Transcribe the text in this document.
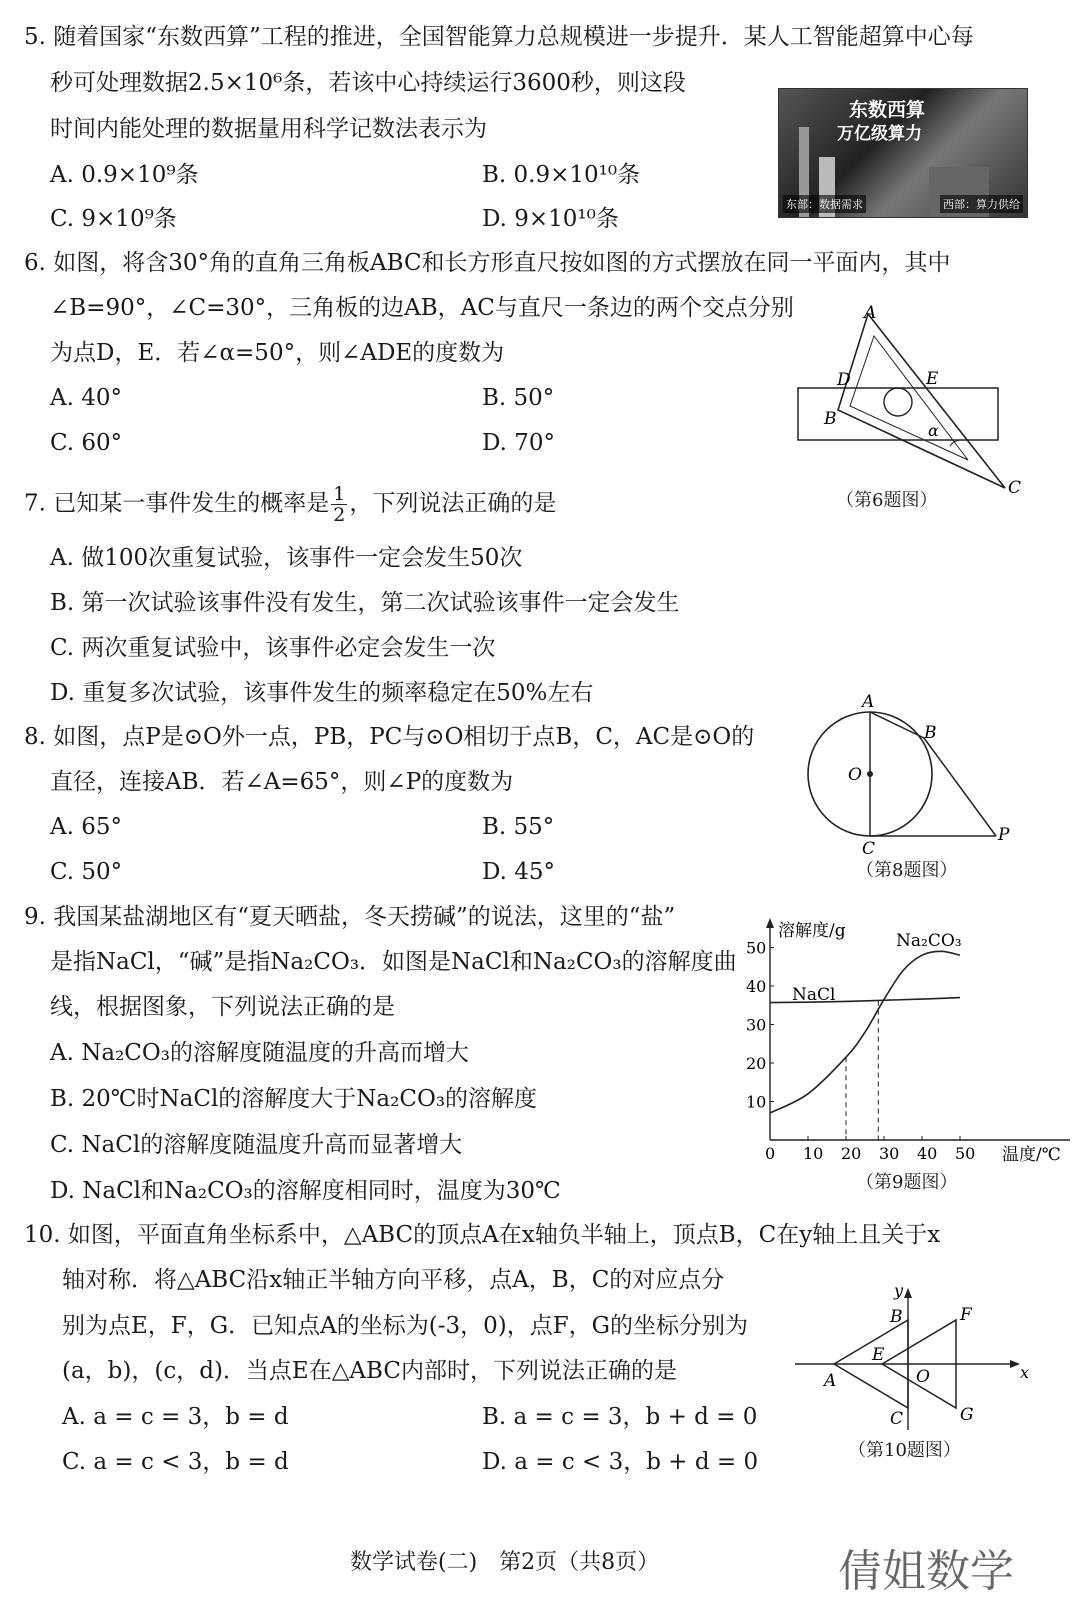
5. 随着国家“东数西算”工程的推进，全国智能算力总规模进一步提升．某人工智能超算中心每
秒可处理数据2.5×10⁶条，若该中心持续运行3600秒，则这段
时间内能处理的数据量用科学记数法表示为
A. 0.9×10⁹条	B. 0.9×10¹⁰条
C. 9×10⁹条	D. 9×10¹⁰条
东数西算
万亿级算力
东部：数据需求	西部：算力供给
6. 如图，将含30°角的直角三角板ABC和长方形直尺按如图的方式摆放在同一平面内，其中
∠B=90°，∠C=30°，三角板的边AB，AC与直尺一条边的两个交点分别
为点D，E．若∠α=50°，则∠ADE的度数为
A. 40°	B. 50°
C. 60°	D. 70°
A
B
C
D	E
α
（第6题图）
7. 已知某一事件发生的概率是 $\frac{1}{2}$ ，下列说法正确的是
A. 做100次重复试验，该事件一定会发生50次
B. 第一次试验该事件没有发生，第二次试验该事件一定会发生
C. 两次重复试验中，该事件必定会发生一次
D. 重复多次试验，该事件发生的频率稳定在50%左右
8. 如图，点P是⊙O外一点，PB，PC与⊙O相切于点B，C，AC是⊙O的
直径，连接AB．若∠A=65°，则∠P的度数为
A. 65°	B. 55°
C. 50°	D. 45°
A
B
C
O
P
（第8题图）
9. 我国某盐湖地区有“夏天晒盐，冬天捞碱”的说法，这里的“盐”
是指NaCl，“碱”是指Na₂CO₃．如图是NaCl和Na₂CO₃的溶解度曲
线，根据图象，下列说法正确的是
A. Na₂CO₃的溶解度随温度的升高而增大
B. 20℃时NaCl的溶解度大于Na₂CO₃的溶解度
C. NaCl的溶解度随温度升高而显著增大
D. NaCl和Na₂CO₃的溶解度相同时，温度为30℃
溶解度/g
温度/℃
NaCl
Na₂CO₃
0 10 20 30 40 50
10
20
30
40
50
（第9题图）
10. 如图，平面直角坐标系中，△ABC的顶点A在x轴负半轴上，顶点B，C在y轴上且关于x
轴对称．将△ABC沿x轴正半轴方向平移，点A，B，C的对应点分
别为点E，F，G．已知点A的坐标为(-3，0)，点F，G的坐标分别为
(a，b)，(c，d)．当点E在△ABC内部时，下列说法正确的是
A. a = c = 3，b = d	B. a = c = 3，b + d = 0
C. a = c < 3，b = d	D. a = c < 3，b + d = 0
x
y
A
B
C
E
F
G
O
（第10题图）
数学试卷(二)　第2页（共8页）	倩姐数学
